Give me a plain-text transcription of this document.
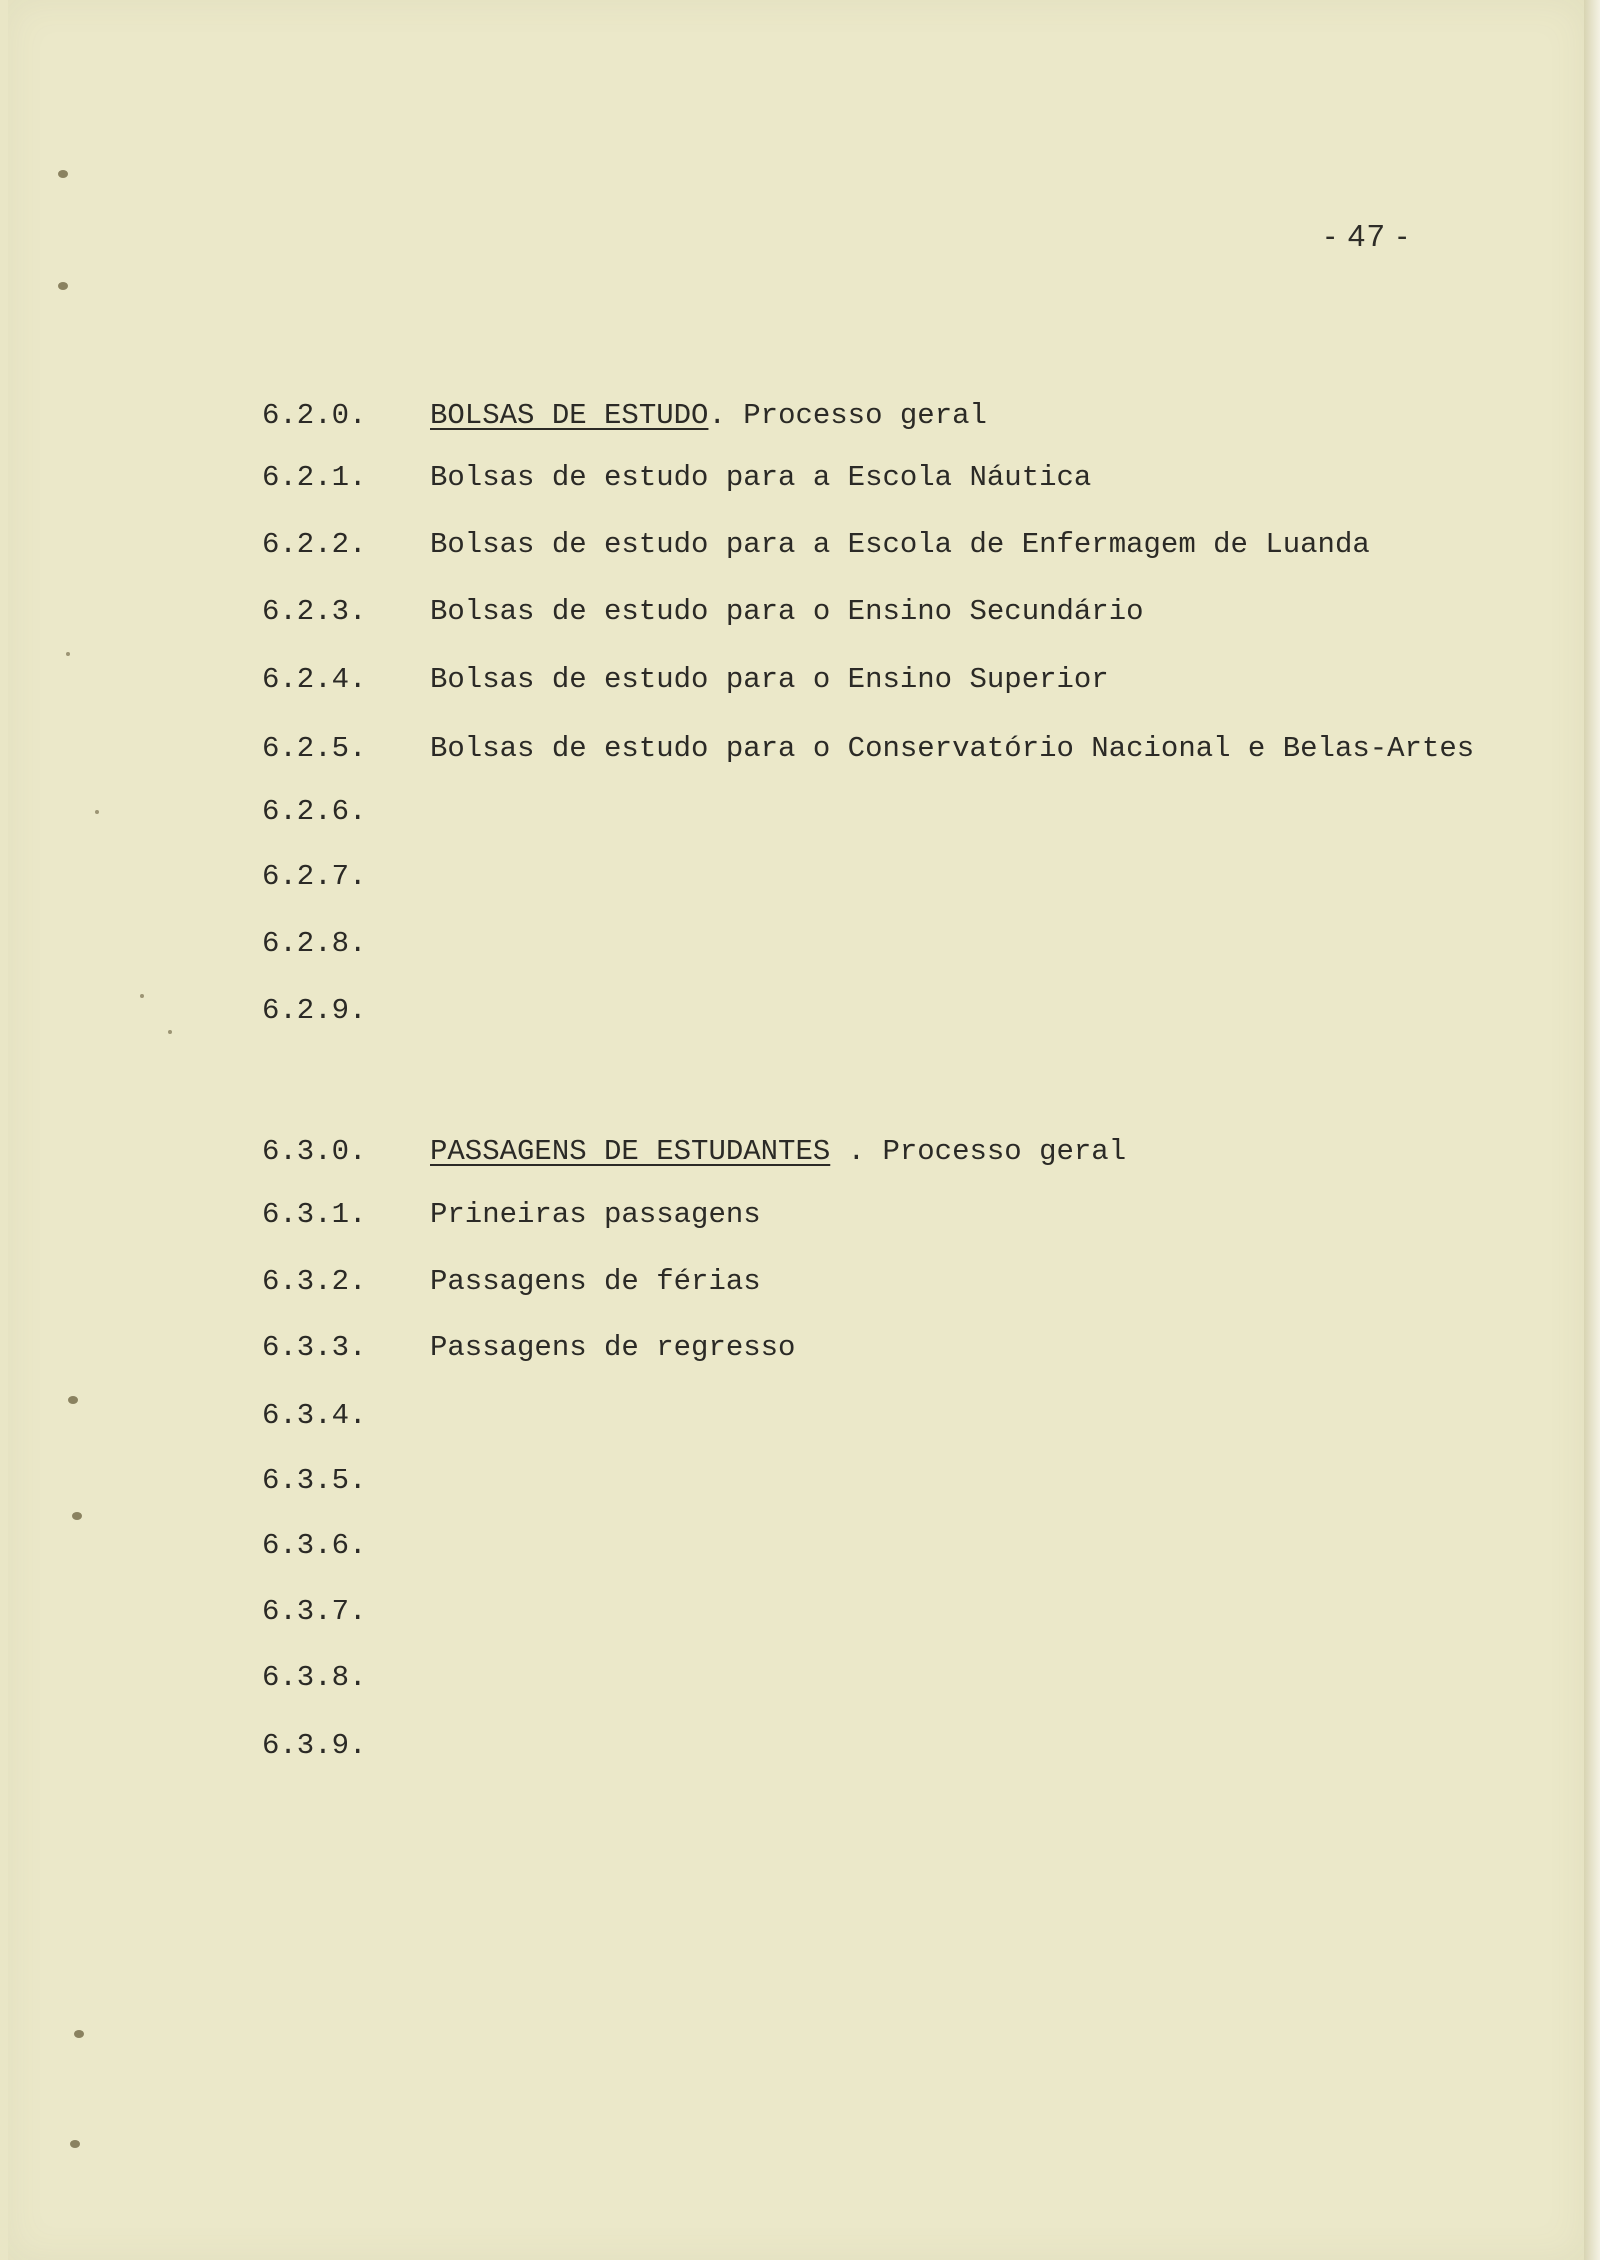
- 47 -
6.2.0. BOLSAS DE ESTUDO. Processo geral
6.2.1. Bolsas de estudo para a Escola Náutica
6.2.2. Bolsas de estudo para a Escola de Enfermagem de Luanda
6.2.3. Bolsas de estudo para o Ensino Secundário
6.2.4. Bolsas de estudo para o Ensino Superior
6.2.5. Bolsas de estudo para o Conservatório Nacional e Belas-Artes
6.2.6.
6.2.7.
6.2.8.
6.2.9.
6.3.0. PASSAGENS DE ESTUDANTES . Processo geral
6.3.1. Prineiras passagens
6.3.2. Passagens de férias
6.3.3. Passagens de regresso
6.3.4.
6.3.5.
6.3.6.
6.3.7.
6.3.8.
6.3.9.
